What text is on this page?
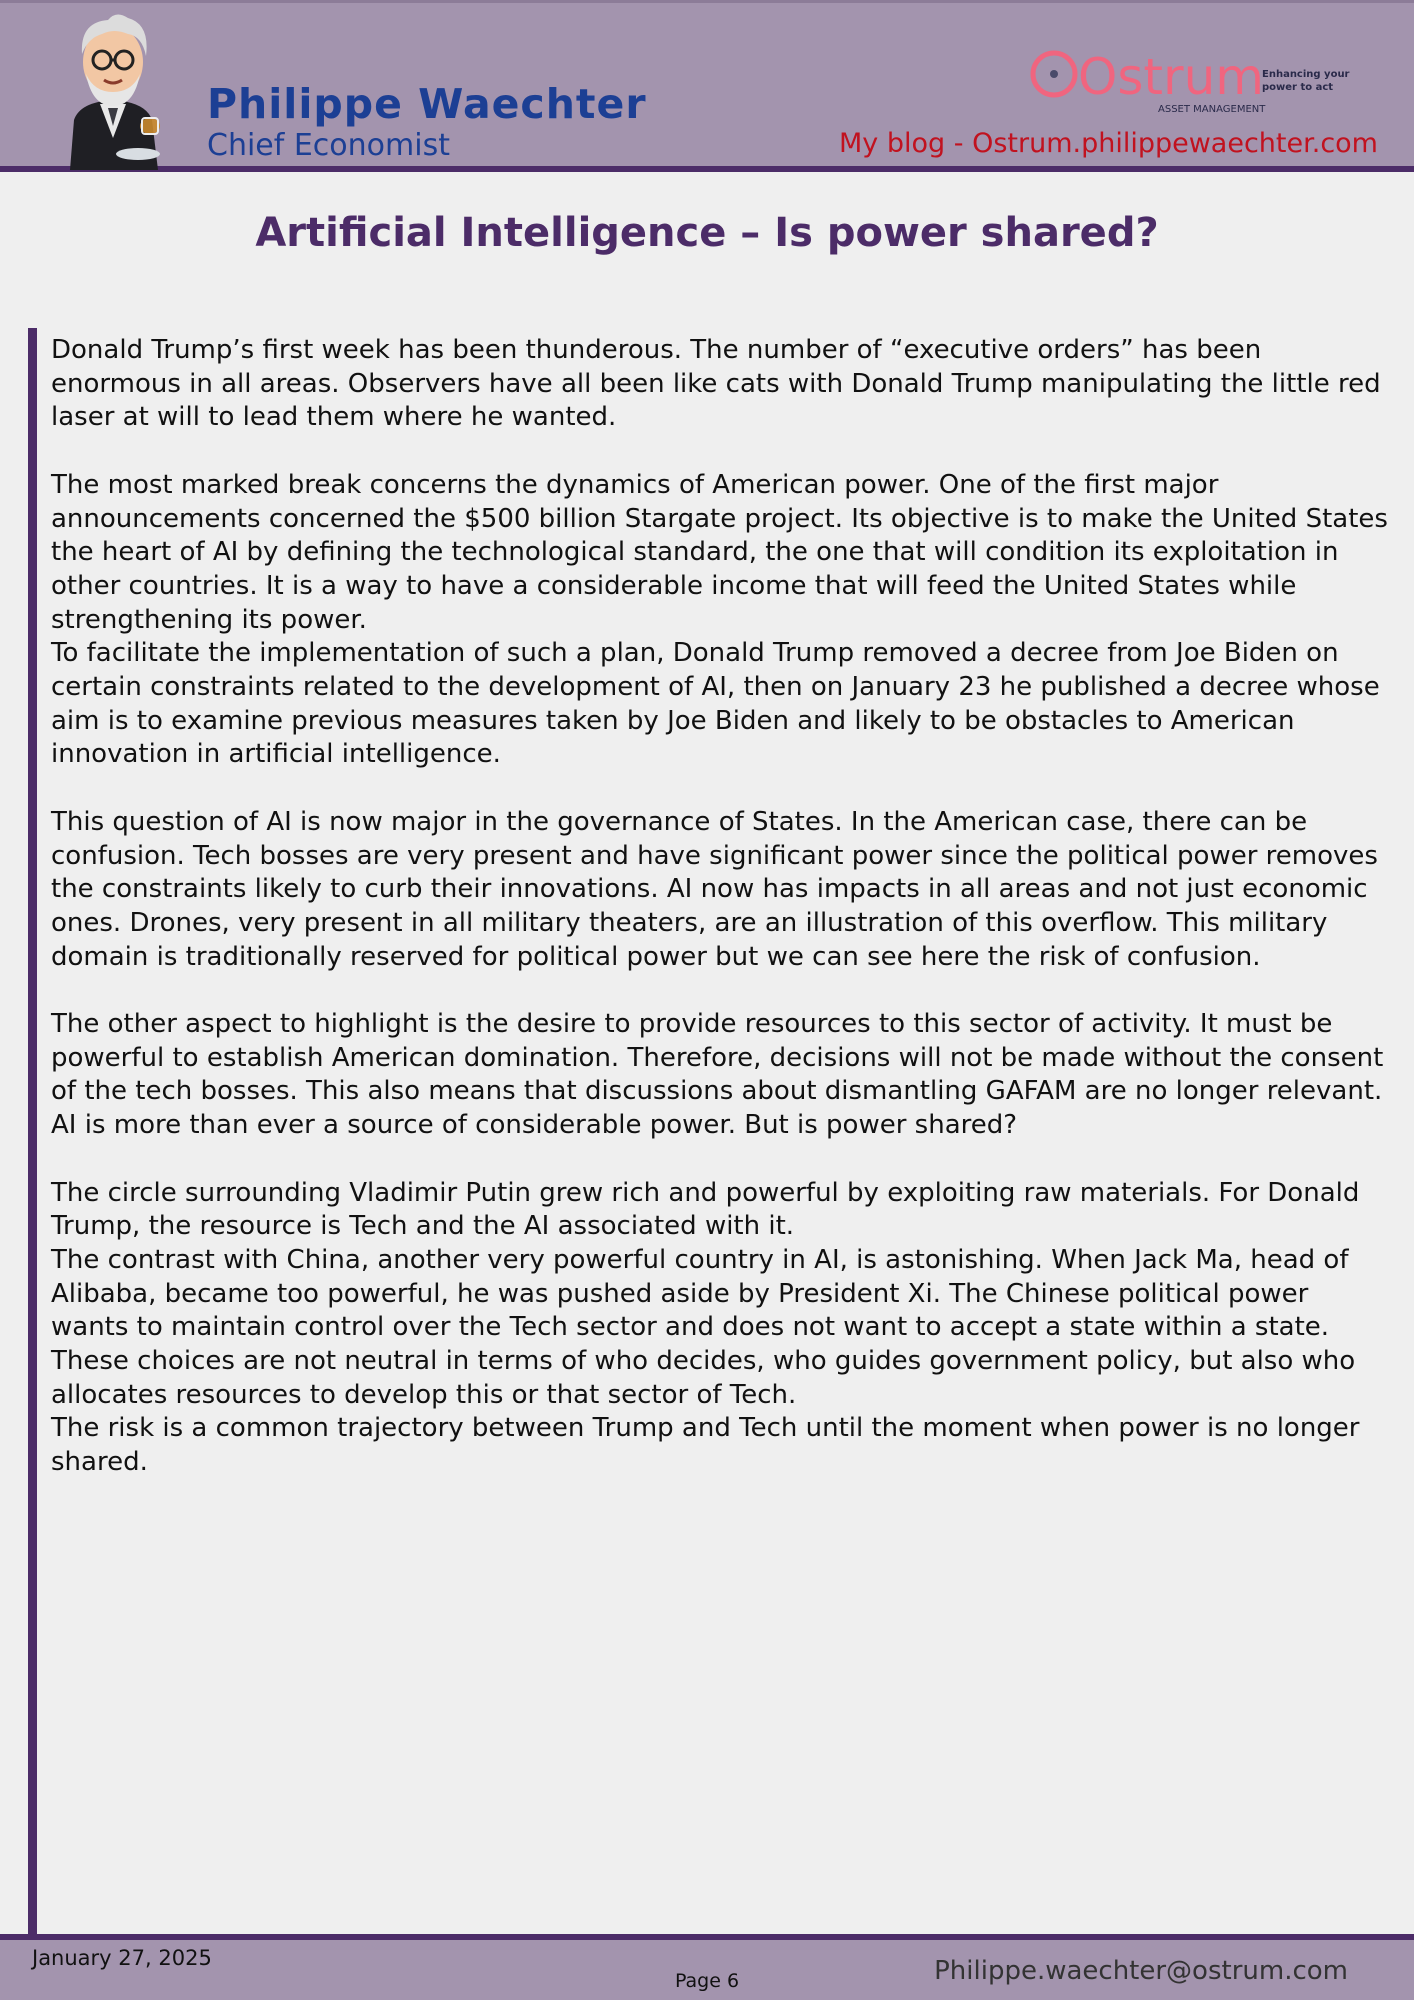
Philippe Waechter
Chief Economist
Ostrum
Enhancing your
power to act
ASSET MANAGEMENT
My blog - Ostrum.philippewaechter.com
Artificial Intelligence – Is power shared?

Donald Trump’s first week has been thunderous. The number of “executive orders” has been enormous in all areas. Observers have all been like cats with Donald Trump manipulating the little red laser at will to lead them where he wanted.

The most marked break concerns the dynamics of American power. One of the first major announcements concerned the $500 billion Stargate project. Its objective is to make the United States the heart of AI by defining the technological standard, the one that will condition its exploitation in other countries. It is a way to have a considerable income that will feed the United States while strengthening its power.
To facilitate the implementation of such a plan, Donald Trump removed a decree from Joe Biden on certain constraints related to the development of AI, then on January 23 he published a decree whose aim is to examine previous measures taken by Joe Biden and likely to be obstacles to American innovation in artificial intelligence.

This question of AI is now major in the governance of States. In the American case, there can be confusion. Tech bosses are very present and have significant power since the political power removes the constraints likely to curb their innovations. AI now has impacts in all areas and not just economic ones. Drones, very present in all military theaters, are an illustration of this overflow. This military domain is traditionally reserved for political power but we can see here the risk of confusion.

The other aspect to highlight is the desire to provide resources to this sector of activity. It must be powerful to establish American domination. Therefore, decisions will not be made without the consent of the tech bosses. This also means that discussions about dismantling GAFAM are no longer relevant. AI is more than ever a source of considerable power. But is power shared?

The circle surrounding Vladimir Putin grew rich and powerful by exploiting raw materials. For Donald Trump, the resource is Tech and the AI associated with it.
The contrast with China, another very powerful country in AI, is astonishing. When Jack Ma, head of Alibaba, became too powerful, he was pushed aside by President Xi. The Chinese political power wants to maintain control over the Tech sector and does not want to accept a state within a state.
These choices are not neutral in terms of who decides, who guides government policy, but also who allocates resources to develop this or that sector of Tech.
The risk is a common trajectory between Trump and Tech until the moment when power is no longer shared.

January 27, 2025
Page 6	Philippe.waechter@ostrum.com
